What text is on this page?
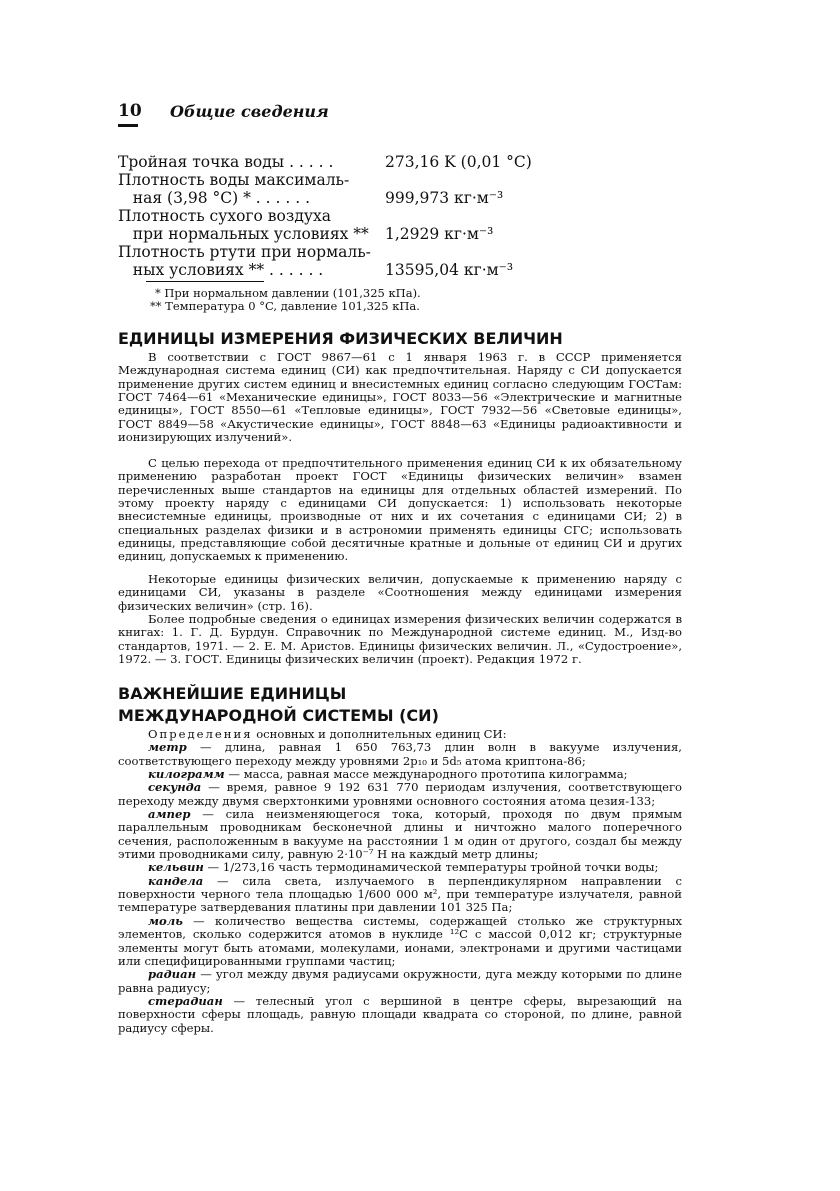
10 Общие сведения
Тройная точка воды . . . . .	273,16 K (0,01 °C)
Плотность воды максималь-
ная (3,98 °C) * . . . . . .	999,973 кг·м⁻³
Плотность сухого воздуха
при нормальных условиях ** 1,2929 кг·м⁻³
Плотность ртути при нормаль-
ных условиях ** . . . . . .	13595,04 кг·м⁻³
* При нормальном давлении (101,325 кПа).
** Температура 0 °C, давление 101,325 кПа.
ЕДИНИЦЫ ИЗМЕРЕНИЯ ФИЗИЧЕСКИХ ВЕЛИЧИН

В соответствии с ГОСТ 9867—61 с 1 января 1963 г. в СССР применяется Международная система единиц (СИ) как предпочтительная. Наряду с СИ допускается применение других систем единиц и внесистемных единиц согласно следующим ГОСТам: ГОСТ 7464—61 «Механические единицы», ГОСТ 8033—56 «Электрические и магнитные единицы», ГОСТ 8550—61 «Тепловые единицы», ГОСТ 7932—56 «Световые единицы», ГОСТ 8849—58 «Акустические единицы», ГОСТ 8848—63 «Единицы радиоактивности и ионизирующих излучений».

С целью перехода от предпочтительного применения единиц СИ к их обязательному применению разработан проект ГОСТ «Единицы физических величин» взамен перечисленных выше стандартов на единицы для отдельных областей измерений. По этому проекту наряду с единицами СИ допускается: 1) использовать некоторые внесистемные единицы, производные от них и их сочетания с единицами СИ; 2) в специальных разделах физики и в астрономии применять единицы СГС; использовать единицы, представляющие собой десятичные кратные и дольные от единиц СИ и других единиц, допускаемых к применению.

Некоторые единицы физических величин, допускаемые к применению наряду с единицами СИ, указаны в разделе «Соотношения между единицами измерения физических величин» (стр. 16).

Более подробные сведения о единицах измерения физических величин содержатся в книгах: 1. Г. Д. Бурдун. Справочник по Международной системе единиц. М., Изд-во стандартов, 1971. — 2. Е. М. Аристов. Единицы физических величин. Л., «Судостроение», 1972. — 3. ГОСТ. Единицы физических величин (проект). Редакция 1972 г.

ВАЖНЕЙШИЕ ЕДИНИЦЫ
МЕЖДУНАРОДНОЙ СИСТЕМЫ (СИ)

Определения основных и дополнительных единиц СИ:

метр — длина, равная 1 650 763,73 длин волн в вакууме излучения, соответствующего переходу между уровнями 2p₁₀ и 5d₅ атома криптона-86;

килограмм — масса, равная массе международного прототипа килограмма;

секунда — время, равное 9 192 631 770 периодам излучения, соответствующего переходу между двумя сверхтонкими уровнями основного состояния атома цезия-133;

ампер — сила неизменяющегося тока, который, проходя по двум прямым параллельным проводникам бесконечной длины и ничтожно малого поперечного сечения, расположенным в вакууме на расстоянии 1 м один от другого, создал бы между этими проводниками силу, равную 2·10⁻⁷ Н на каждый метр длины;

кельвин — 1/273,16 часть термодинамической температуры тройной точки воды;

кандела — сила света, излучаемого в перпендикулярном направлении с поверхности черного тела площадью 1/600 000 м², при температуре излучателя, равной температуре затвердевания платины при давлении 101 325 Па;

моль — количество вещества системы, содержащей столько же структурных элементов, сколько содержится атомов в нуклиде ¹²C с массой 0,012 кг; структурные элементы могут быть атомами, молекулами, ионами, электронами и другими частицами или специфицированными группами частиц;

радиан — угол между двумя радиусами окружности, дуга между которыми по длине равна радиусу;

стерадиан — телесный угол с вершиной в центре сферы, вырезающий на поверхности сферы площадь, равную площади квадрата со стороной, по длине, равной радиусу сферы.
